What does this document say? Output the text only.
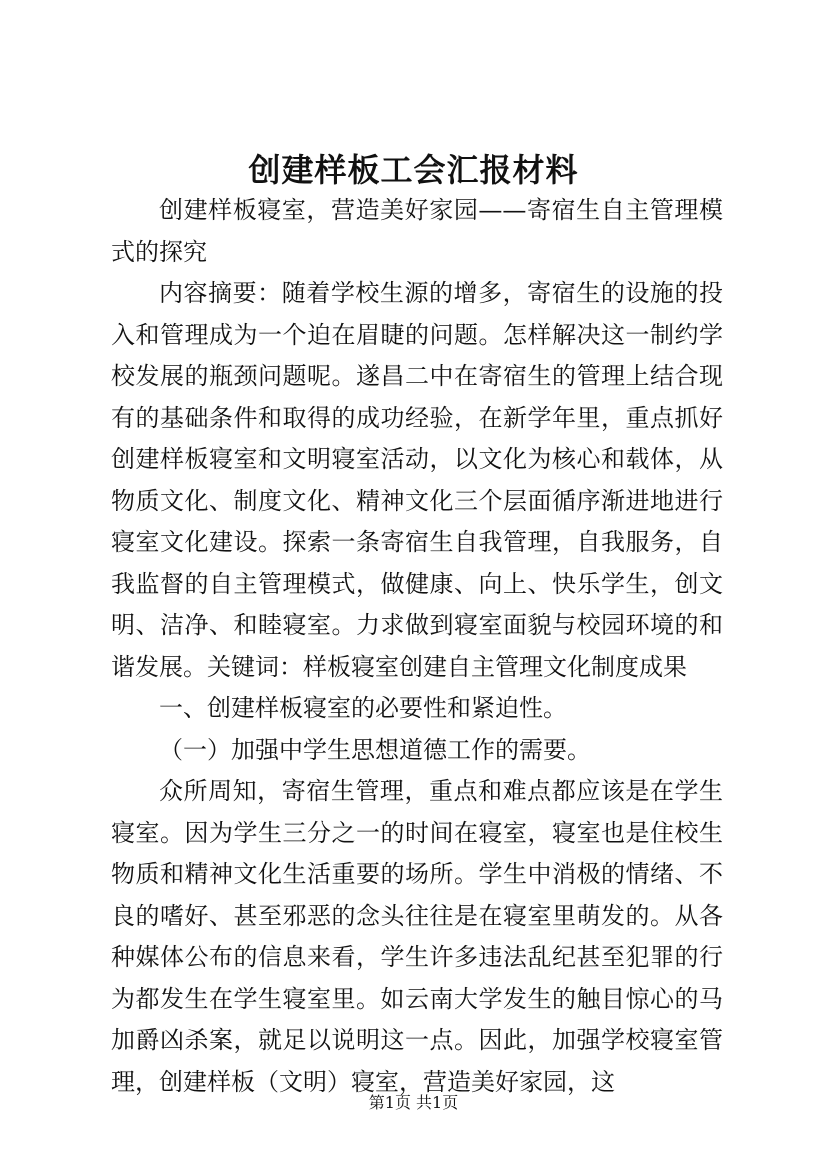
创建样板工会汇报材料

创建样板寝室，营造美好家园——寄宿生自主管理模式的探究

内容摘要：随着学校生源的增多，寄宿生的设施的投入和管理成为一个迫在眉睫的问题。怎样解决这一制约学校发展的瓶颈问题呢。遂昌二中在寄宿生的管理上结合现有的基础条件和取得的成功经验，在新学年里，重点抓好创建样板寝室和文明寝室活动，以文化为核心和载体，从物质文化、制度文化、精神文化三个层面循序渐进地进行寝室文化建设。探索一条寄宿生自我管理，自我服务，自我监督的自主管理模式，做健康、向上、快乐学生，创文明、洁净、和睦寝室。力求做到寝室面貌与校园环境的和谐发展。关键词：样板寝室创建自主管理文化制度成果

一、创建样板寝室的必要性和紧迫性。

（一）加强中学生思想道德工作的需要。

众所周知，寄宿生管理，重点和难点都应该是在学生寝室。因为学生三分之一的时间在寝室，寝室也是住校生物质和精神文化生活重要的场所。学生中消极的情绪、不良的嗜好、甚至邪恶的念头往往是在寝室里萌发的。从各种媒体公布的信息来看，学生许多违法乱纪甚至犯罪的行为都发生在学生寝室里。如云南大学发生的触目惊心的马加爵凶杀案，就足以说明这一点。因此，加强学校寝室管理，创建样板（文明）寝室，营造美好家园，这

第1页 共1页
